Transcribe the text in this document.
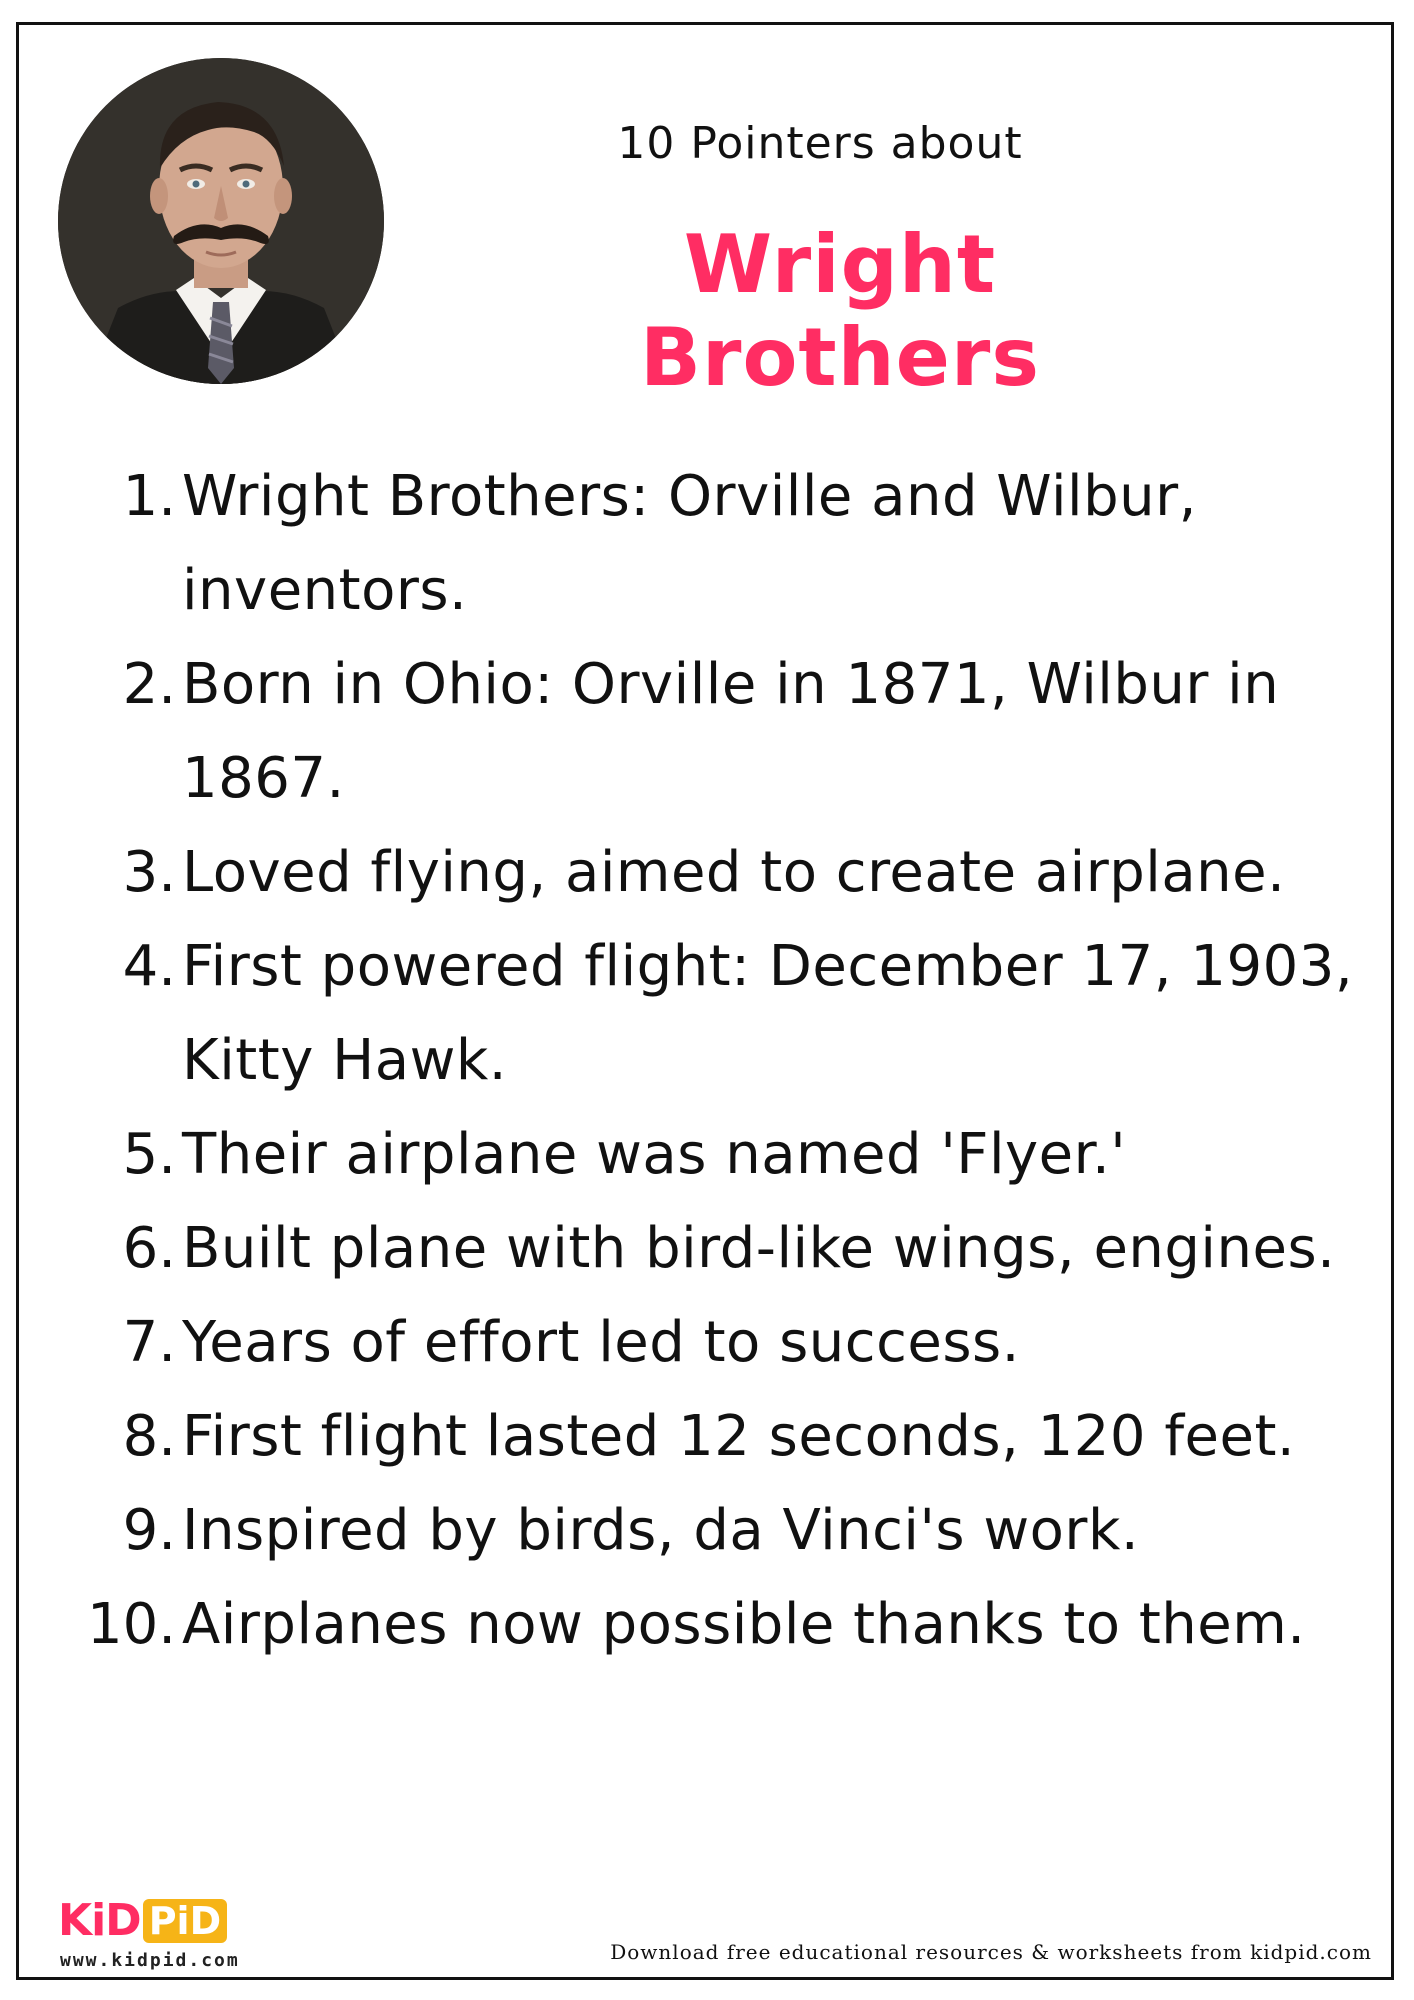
10 Pointers about
Wright Brothers
1. Wright Brothers: Orville and Wilbur, inventors.
2. Born in Ohio: Orville in 1871, Wilbur in 1867.
3. Loved flying, aimed to create airplane.
4. First powered flight: December 17, 1903, Kitty Hawk.
5. Their airplane was named 'Flyer.'
6. Built plane with bird-like wings, engines.
7. Years of effort led to success.
8. First flight lasted 12 seconds, 120 feet.
9. Inspired by birds, da Vinci's work.
10. Airplanes now possible thanks to them.
KiD PiD
www.kidpid.com	Download free educational resources & worksheets from kidpid.com
